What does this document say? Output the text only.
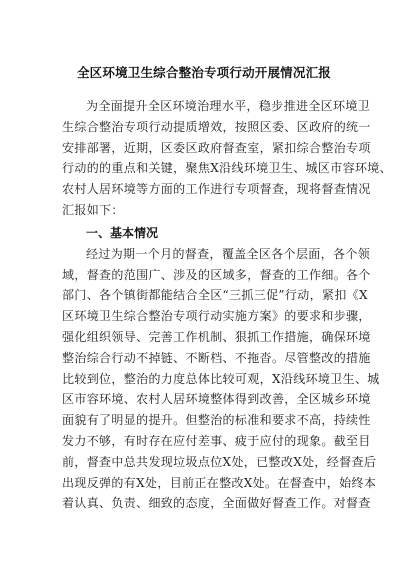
全区环境卫生综合整治专项行动开展情况汇报
为全面提升全区环境治理水平，稳步推进全区环境卫
生综合整治专项行动提质增效，按照区委、区政府的统一
安排部署，近期，区委区政府督查室，紧扣综合整治专项
行动的的重点和关键，聚焦X沿线环境卫生、城区市容环境、
农村人居环境等方面的工作进行专项督查，现将督查情况
汇报如下：
一、基本情况
经过为期一个月的督查，覆盖全区各个层面，各个领
域，督查的范围广、涉及的区域多，督查的工作细。各个
部门、各个镇街都能结合全区“三抓三促”行动，紧扣《X
区环境卫生综合整治专项行动实施方案》的要求和步骤，
强化组织领导、完善工作机制、狠抓工作措施，确保环境
整治综合行动不掉链、不断档、不拖沓。尽管整改的措施
比较到位，整治的力度总体比较可观，X沿线环境卫生、城
区市容环境、农村人居环境整体得到改善，全区城乡环境
面貌有了明显的提升。但整治的标准和要求不高，持续性
发力不够，有时存在应付差事、疲于应付的现象。截至目
前，督查中总共发现垃圾点位X处，已整改X处，经督查后
出现反弹的有X处，目前正在整改X处。在督查中，始终本
着认真、负责、细致的态度，全面做好督查工作。对督查
